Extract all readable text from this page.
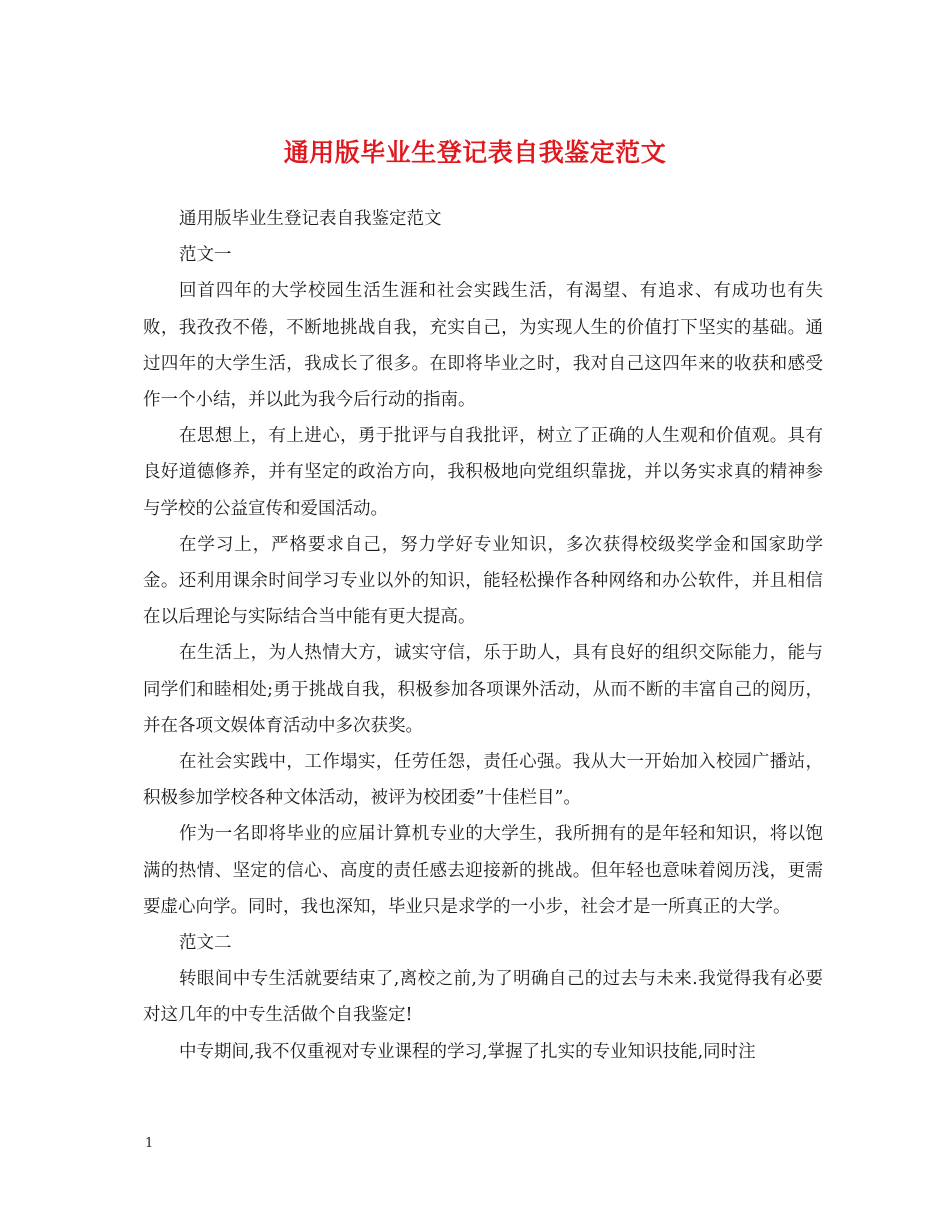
通用版毕业生登记表自我鉴定范文

通用版毕业生登记表自我鉴定范文

范文一

回首四年的大学校园生活生涯和社会实践生活，有渴望、有追求、有成功也有失败，我孜孜不倦，不断地挑战自我，充实自己，为实现人生的价值打下坚实的基础。通过四年的大学生活，我成长了很多。在即将毕业之时，我对自己这四年来的收获和感受作一个小结，并以此为我今后行动的指南。

在思想上，有上进心，勇于批评与自我批评，树立了正确的人生观和价值观。具有良好道德修养，并有坚定的政治方向，我积极地向党组织靠拢，并以务实求真的精神参与学校的公益宣传和爱国活动。

在学习上，严格要求自己，努力学好专业知识，多次获得校级奖学金和国家助学金。还利用课余时间学习专业以外的知识，能轻松操作各种网络和办公软件，并且相信在以后理论与实际结合当中能有更大提高。

在生活上，为人热情大方，诚实守信，乐于助人，具有良好的组织交际能力，能与同学们和睦相处;勇于挑战自我，积极参加各项课外活动，从而不断的丰富自己的阅历，并在各项文娱体育活动中多次获奖。

在社会实践中，工作塌实，任劳任怨，责任心强。我从大一开始加入校园广播站，积极参加学校各种文体活动，被评为校团委”十佳栏目”。

作为一名即将毕业的应届计算机专业的大学生，我所拥有的是年轻和知识，将以饱满的热情、坚定的信心、高度的责任感去迎接新的挑战。但年轻也意味着阅历浅，更需要虚心向学。同时，我也深知，毕业只是求学的一小步，社会才是一所真正的大学。

范文二

转眼间中专生活就要结束了,离校之前,为了明确自己的过去与未来.我觉得我有必要对这几年的中专生活做个自我鉴定!

中专期间,我不仅重视对专业课程的学习,掌握了扎实的专业知识技能,同时注

1
